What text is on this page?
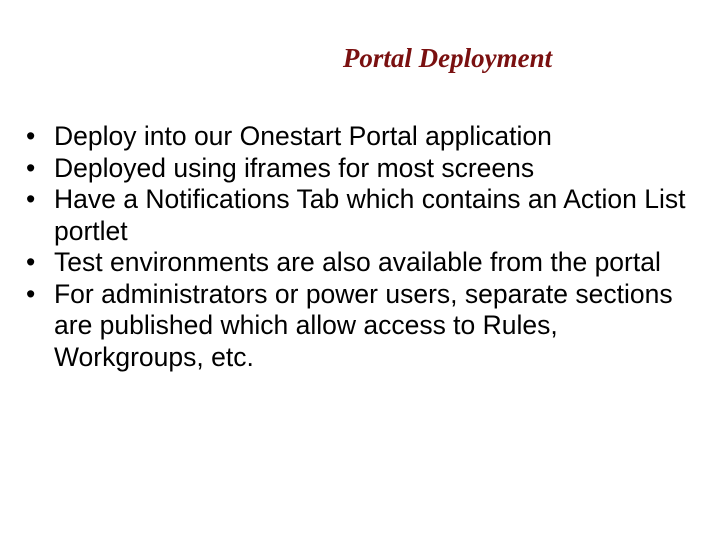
Portal Deployment
• Deploy into our Onestart Portal application
• Deployed using iframes for most screens
• Have a Notifications Tab which contains an Action List portlet
• Test environments are also available from the portal
• For administrators or power users, separate sections are published which allow access to Rules, Workgroups, etc.
